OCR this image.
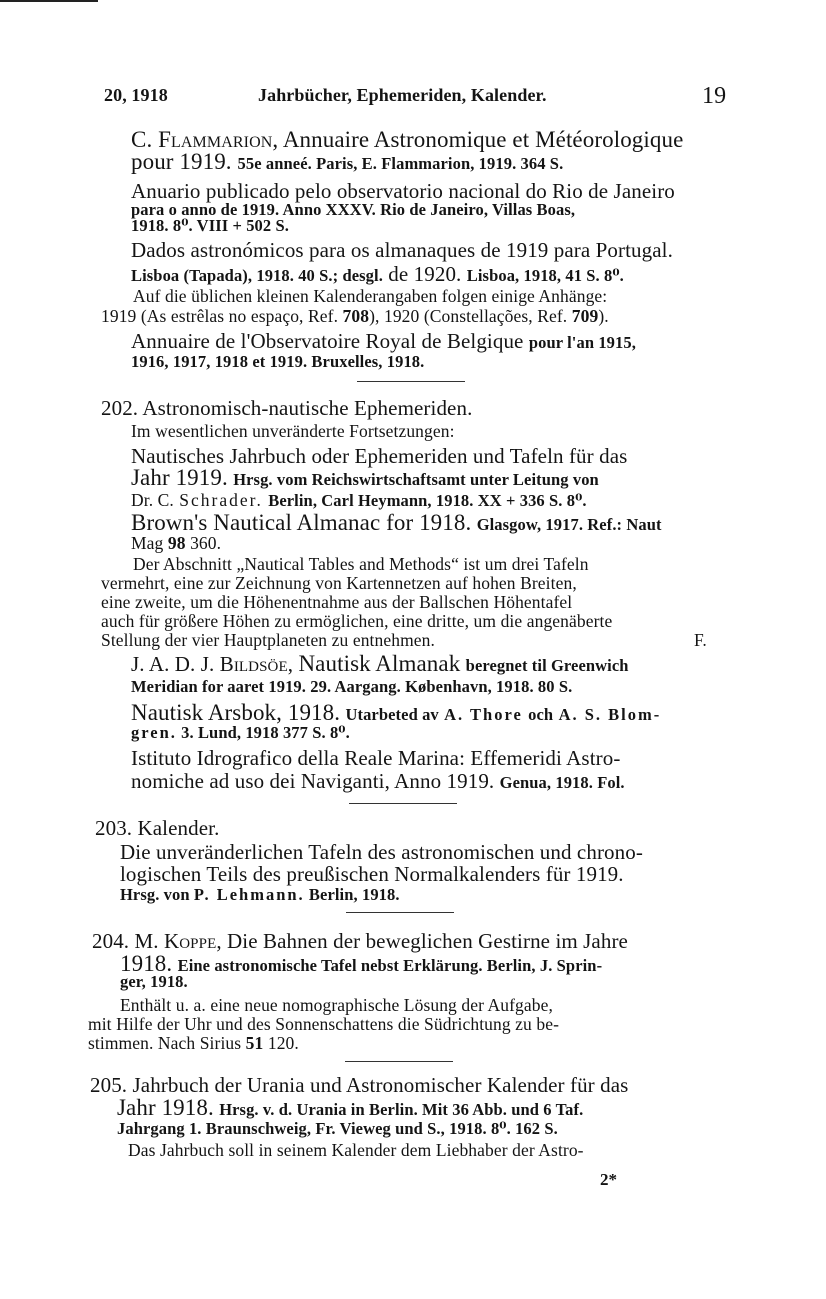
20, 1918	Jahrbücher, Ephemeriden, Kalender.	19
C. Flammarion, Annuaire Astronomique et Météorologique
pour 1919. 55e anneé. Paris, E. Flammarion, 1919. 364 S.
Anuario publicado pelo observatorio nacional do Rio de Janeiro
para o anno de 1919. Anno XXXV. Rio de Janeiro, Villas Boas,
1918. 8⁰. VIII + 502 S.
Dados astronómicos para os almanaques de 1919 para Portugal.
Lisboa (Tapada), 1918. 40 S.; desgl. de 1920. Lisboa, 1918, 41 S. 8⁰.
Auf die üblichen kleinen Kalenderangaben folgen einige Anhänge:
1919 (As estrêlas no espaço, Ref. 708), 1920 (Constellações, Ref. 709).
Annuaire de l'Observatoire Royal de Belgique pour l'an 1915,
1916, 1917, 1918 et 1919. Bruxelles, 1918.
202. Astronomisch-nautische Ephemeriden.
Im wesentlichen unveränderte Fortsetzungen:
Nautisches Jahrbuch oder Ephemeriden und Tafeln für das
Jahr 1919. Hrsg. vom Reichswirtschaftsamt unter Leitung von
Dr. C. Schrader. Berlin, Carl Heymann, 1918. XX + 336 S. 8⁰.
Brown's Nautical Almanac for 1918. Glasgow, 1917. Ref.: Naut
Mag 98 360.
Der Abschnitt „Nautical Tables and Methods“ ist um drei Tafeln
vermehrt, eine zur Zeichnung von Kartennetzen auf hohen Breiten,
eine zweite, um die Höhenentnahme aus der Ballschen Höhentafel
auch für größere Höhen zu ermöglichen, eine dritte, um die angenäberte
Stellung der vier Hauptplaneten zu entnehmen.	F.
J. A. D. J. Bildsöe, Nautisk Almanak beregnet til Greenwich
Meridian for aaret 1919. 29. Aargang. København, 1918. 80 S.
Nautisk Arsbok, 1918. Utarbeted av A. Thore och A. S. Blom-
gren. 3. Lund, 1918 377 S. 8⁰.
Istituto Idrografico della Reale Marina: Effemeridi Astro-
nomiche ad uso dei Naviganti, Anno 1919. Genua, 1918. Fol.
203. Kalender.
Die unveränderlichen Tafeln des astronomischen und chrono-
logischen Teils des preußischen Normalkalenders für 1919.
Hrsg. von P. Lehmann. Berlin, 1918.
204. M. Koppe, Die Bahnen der beweglichen Gestirne im Jahre
1918. Eine astronomische Tafel nebst Erklärung. Berlin, J. Sprin-
ger, 1918.
Enthält u. a. eine neue nomographische Lösung der Aufgabe,
mit Hilfe der Uhr und des Sonnenschattens die Südrichtung zu be-
stimmen. Nach Sirius 51 120.
205. Jahrbuch der Urania und Astronomischer Kalender für das
Jahr 1918. Hrsg. v. d. Urania in Berlin. Mit 36 Abb. und 6 Taf.
Jahrgang 1. Braunschweig, Fr. Vieweg und S., 1918. 8⁰. 162 S.
Das Jahrbuch soll in seinem Kalender dem Liebhaber der Astro-
2*
